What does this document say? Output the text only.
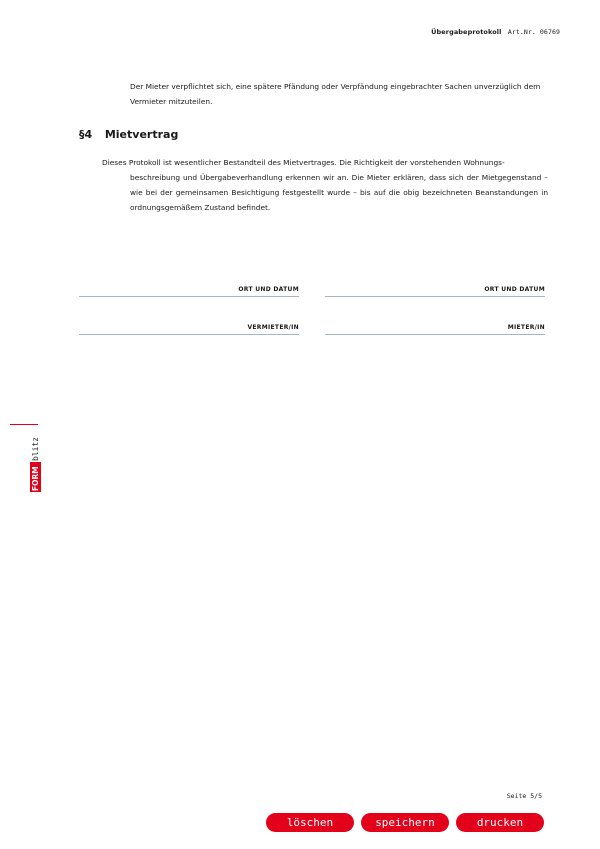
Übergabeprotokoll Art.Nr. 06769
Der Mieter verpflichtet sich, eine spätere Pfändung oder Verpfändung eingebrachter Sachen unverzüglich dem Vermieter mitzuteilen.
§4 Mietvertrag
Dieses Protokoll ist wesentlicher Bestandteil des Mietvertrages. Die Richtigkeit der vorstehenden Wohnungs-
beschreibung und Übergabeverhandlung erkennen wir an. Die Mieter erklären, dass sich der Mietgegenstand – wie bei der gemeinsamen Besichtigung festgestellt wurde – bis auf die obig bezeichneten Beanstandungen in ordnungsgemäßem Zustand befindet.
ORT UND DATUM	ORT UND DATUM
VERMIETER/IN	MIETER/IN
FORM
blitz
Seite 5/5
löschen	speichern	drucken
